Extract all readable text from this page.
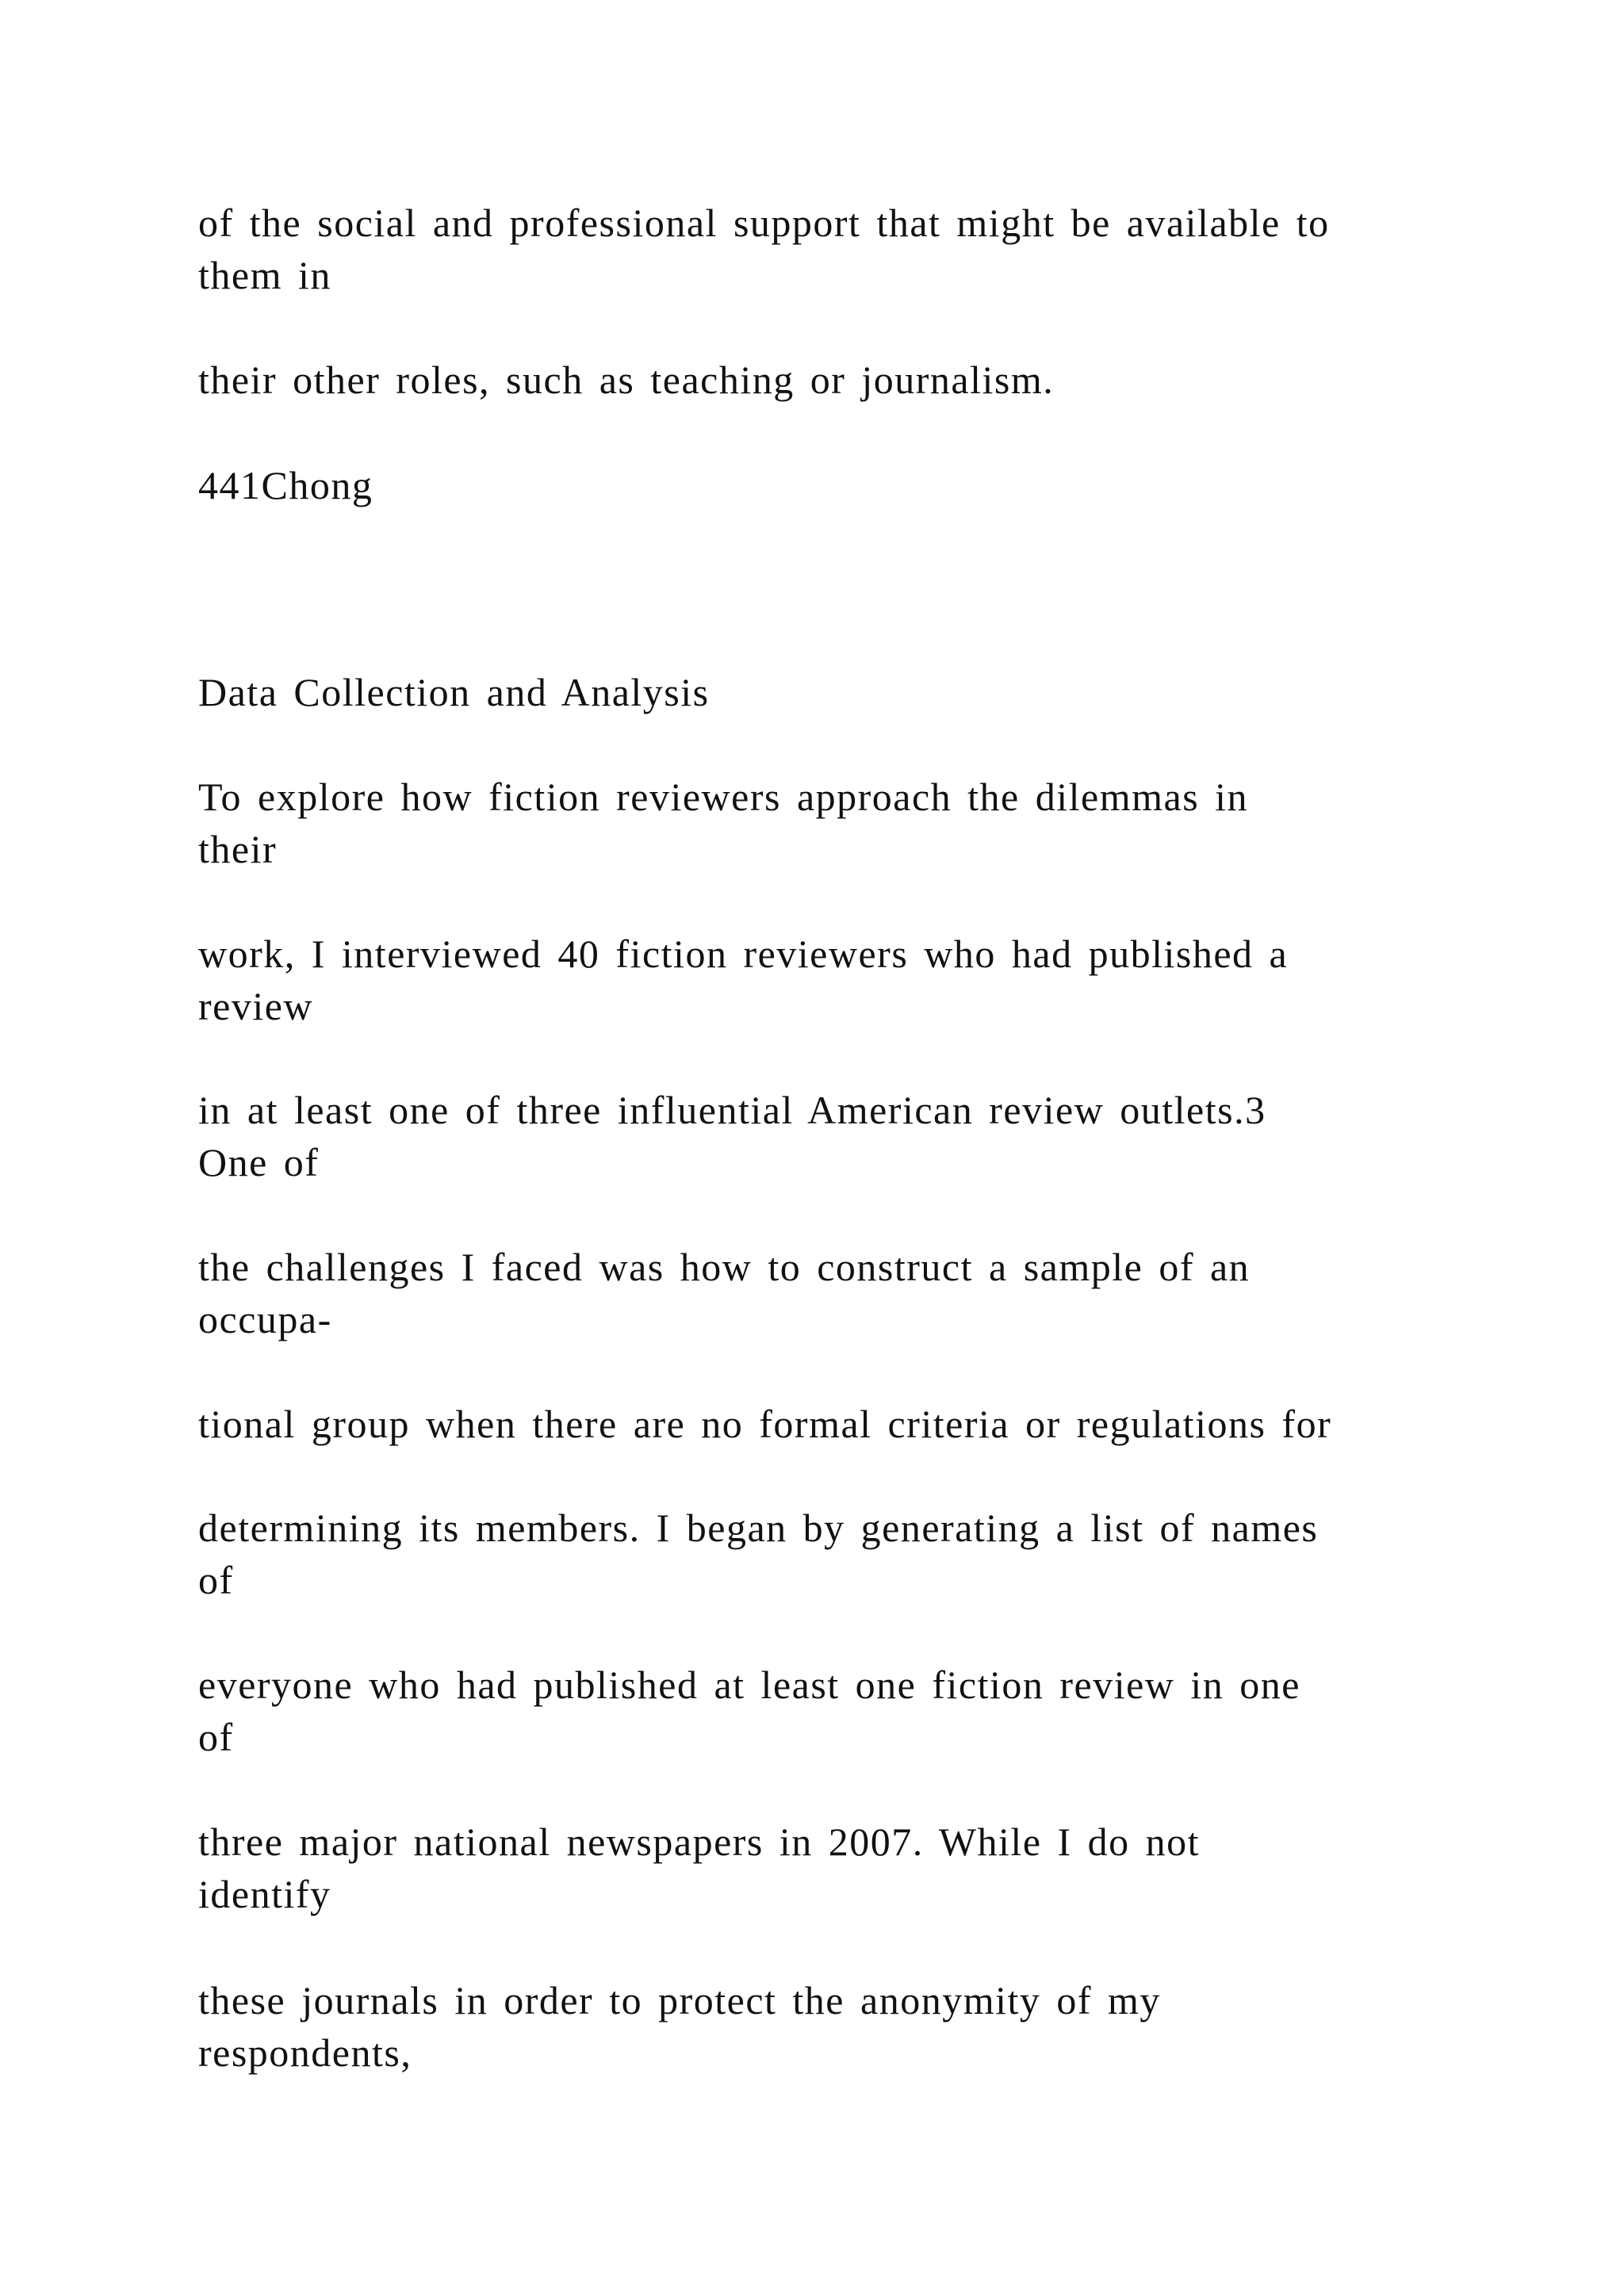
of the social and professional support that might be available to

them in

their other roles, such as teaching or journalism.

441Chong

Data Collection and Analysis

To explore how fiction reviewers approach the dilemmas in

their

work, I interviewed 40 fiction reviewers who had published a

review

in at least one of three influential American review outlets.3

One of

the challenges I faced was how to construct a sample of an

occupa-

tional group when there are no formal criteria or regulations for

determining its members. I began by generating a list of names

of

everyone who had published at least one fiction review in one

of

three major national newspapers in 2007. While I do not

identify

these journals in order to protect the anonymity of my

respondents,
